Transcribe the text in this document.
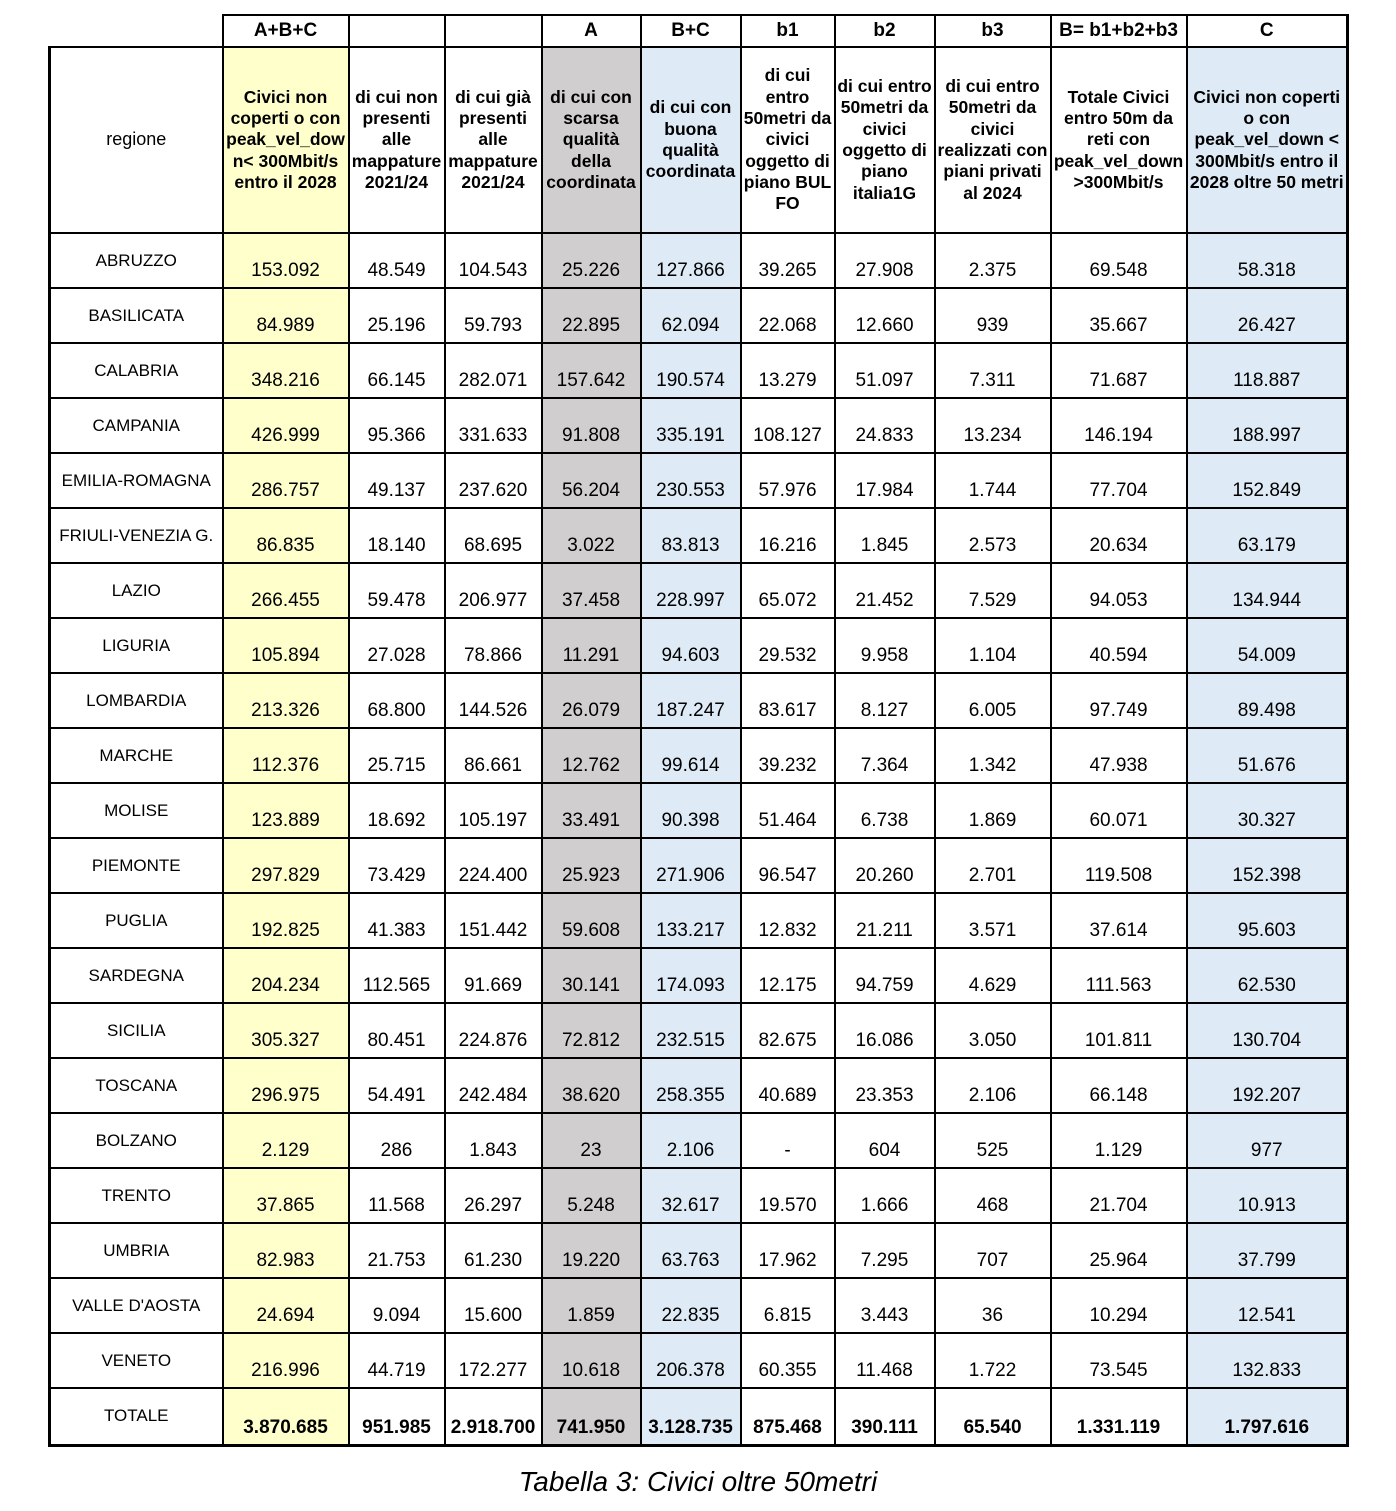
	A+B+C			A	B+C	b1	b2	b3	B= b1+b2+b3	C
regione	Civici non coperti o con peak_vel_down< 300Mbit/s entro il 2028	di cui non presenti alle mappature 2021/24	di cui già presenti alle mappature 2021/24	di cui con scarsa qualità della coordinata	di cui con buona qualità coordinata	di cui entro 50metri da civici oggetto di piano BUL FO	di cui entro 50metri da civici oggetto di piano italia1G	di cui entro 50metri da civici realizzati con piani privati al 2024	Totale Civici entro 50m da reti con peak_vel_down >300Mbit/s	Civici non coperti o con peak_vel_down < 300Mbit/s entro il 2028 oltre 50 metri
ABRUZZO	153.092	48.549	104.543	25.226	127.866	39.265	27.908	2.375	69.548	58.318
BASILICATA	84.989	25.196	59.793	22.895	62.094	22.068	12.660	939	35.667	26.427
CALABRIA	348.216	66.145	282.071	157.642	190.574	13.279	51.097	7.311	71.687	118.887
CAMPANIA	426.999	95.366	331.633	91.808	335.191	108.127	24.833	13.234	146.194	188.997
EMILIA-ROMAGNA	286.757	49.137	237.620	56.204	230.553	57.976	17.984	1.744	77.704	152.849
FRIULI-VENEZIA G.	86.835	18.140	68.695	3.022	83.813	16.216	1.845	2.573	20.634	63.179
LAZIO	266.455	59.478	206.977	37.458	228.997	65.072	21.452	7.529	94.053	134.944
LIGURIA	105.894	27.028	78.866	11.291	94.603	29.532	9.958	1.104	40.594	54.009
LOMBARDIA	213.326	68.800	144.526	26.079	187.247	83.617	8.127	6.005	97.749	89.498
MARCHE	112.376	25.715	86.661	12.762	99.614	39.232	7.364	1.342	47.938	51.676
MOLISE	123.889	18.692	105.197	33.491	90.398	51.464	6.738	1.869	60.071	30.327
PIEMONTE	297.829	73.429	224.400	25.923	271.906	96.547	20.260	2.701	119.508	152.398
PUGLIA	192.825	41.383	151.442	59.608	133.217	12.832	21.211	3.571	37.614	95.603
SARDEGNA	204.234	112.565	91.669	30.141	174.093	12.175	94.759	4.629	111.563	62.530
SICILIA	305.327	80.451	224.876	72.812	232.515	82.675	16.086	3.050	101.811	130.704
TOSCANA	296.975	54.491	242.484	38.620	258.355	40.689	23.353	2.106	66.148	192.207
BOLZANO	2.129	286	1.843	23	2.106	-	604	525	1.129	977
TRENTO	37.865	11.568	26.297	5.248	32.617	19.570	1.666	468	21.704	10.913
UMBRIA	82.983	21.753	61.230	19.220	63.763	17.962	7.295	707	25.964	37.799
VALLE D'AOSTA	24.694	9.094	15.600	1.859	22.835	6.815	3.443	36	10.294	12.541
VENETO	216.996	44.719	172.277	10.618	206.378	60.355	11.468	1.722	73.545	132.833
TOTALE	3.870.685	951.985	2.918.700	741.950	3.128.735	875.468	390.111	65.540	1.331.119	1.797.616
Tabella 3: Civici oltre 50metri
